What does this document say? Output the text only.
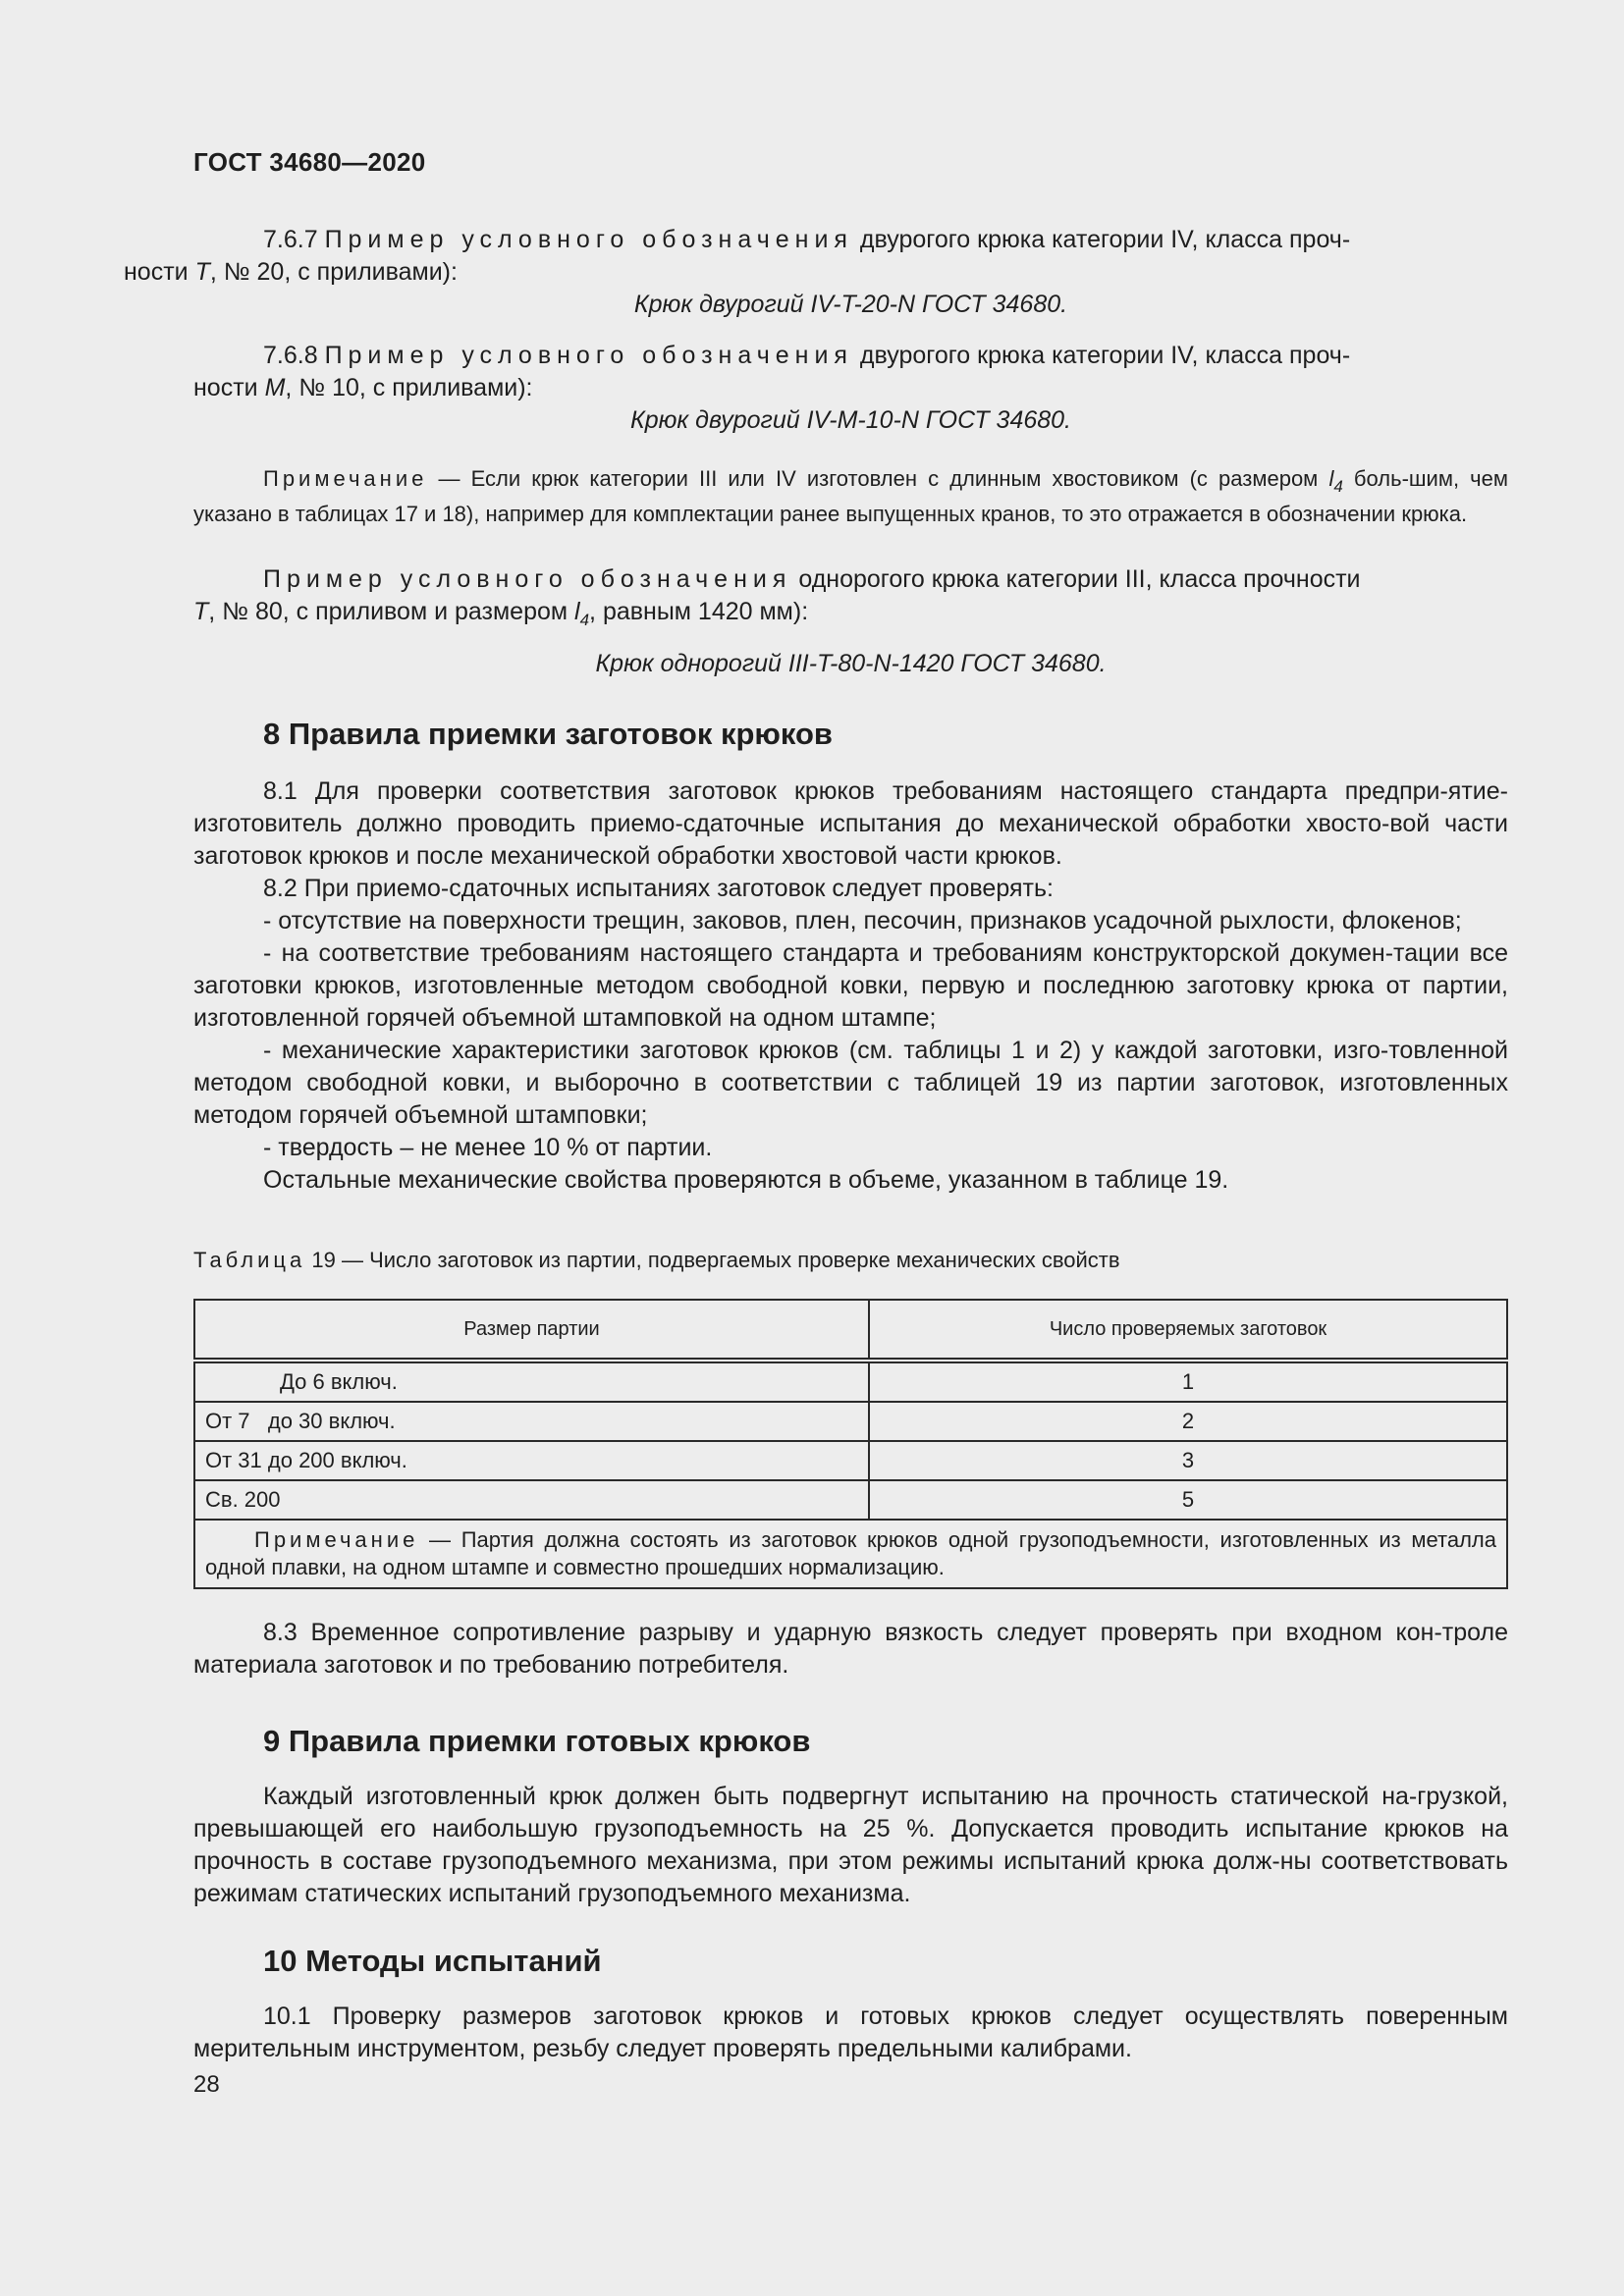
ГОСТ 34680—2020

7.6.7 Пример условного обозначения двурогого крюка категории IV, класса проч-
ности Т, № 20, с приливами):

Крюк двурогий IV-T-20-N ГОСТ 34680.

7.6.8 Пример условного обозначения двурогого крюка категории IV, класса проч-
ности М, № 10, с приливами):

Крюк двурогий IV-M-10-N ГОСТ 34680.

Примечание — Если крюк категории III или IV изготовлен с длинным хвостовиком (с размером $l_4$ боль-шим, чем указано в таблицах 17 и 18), например для комплектации ранее выпущенных кранов, то это отражается в обозначении крюка.

Пример условного обозначения однорогого крюка категории III, класса прочности
Т, № 80, с приливом и размером $l_4$, равным 1420 мм):

Крюк однорогий III-T-80-N-1420 ГОСТ 34680.

8 Правила приемки заготовок крюков

8.1 Для проверки соответствия заготовок крюков требованиям настоящего стандарта предпри-ятие-изготовитель должно проводить приемо-сдаточные испытания до механической обработки хвосто-вой части заготовок крюков и после механической обработки хвостовой части крюков.

8.2 При приемо-сдаточных испытаниях заготовок следует проверять:

- отсутствие на поверхности трещин, заковов, плен, песочин, признаков усадочной рыхлости, флокенов;

- на соответствие требованиям настоящего стандарта и требованиям конструкторской докумен-тации все заготовки крюков, изготовленные методом свободной ковки, первую и последнюю заготовку крюка от партии, изготовленной горячей объемной штамповкой на одном штампе;

- механические характеристики заготовок крюков (см. таблицы 1 и 2) у каждой заготовки, изго-товленной методом свободной ковки, и выборочно в соответствии с таблицей 19 из партии заготовок, изготовленных методом горячей объемной штамповки;

- твердость – не менее 10 % от партии.

Остальные механические свойства проверяются в объеме, указанном в таблице 19.

Таблица 19 — Число заготовок из партии, подвергаемых проверке механических свойств

Размер партии	Число проверяемых заготовок
До 6 включ.	1
От 7   до 30 включ.	2
От 31 до 200 включ.	3
Св. 200	5
Примечание — Партия должна состоять из заготовок крюков одной грузоподъемности, изготовленных из металла одной плавки, на одном штампе и совместно прошедших нормализацию.	

8.3 Временное сопротивление разрыву и ударную вязкость следует проверять при входном кон-троле материала заготовок и по требованию потребителя.

9 Правила приемки готовых крюков

Каждый изготовленный крюк должен быть подвергнут испытанию на прочность статической на-грузкой, превышающей его наибольшую грузоподъемность на 25 %. Допускается проводить испытание крюков на прочность в составе грузоподъемного механизма, при этом режимы испытаний крюка долж-ны соответствовать режимам статических испытаний грузоподъемного механизма.

10 Методы испытаний

10.1 Проверку размеров заготовок крюков и готовых крюков следует осуществлять поверенным мерительным инструментом, резьбу следует проверять предельными калибрами.

28
